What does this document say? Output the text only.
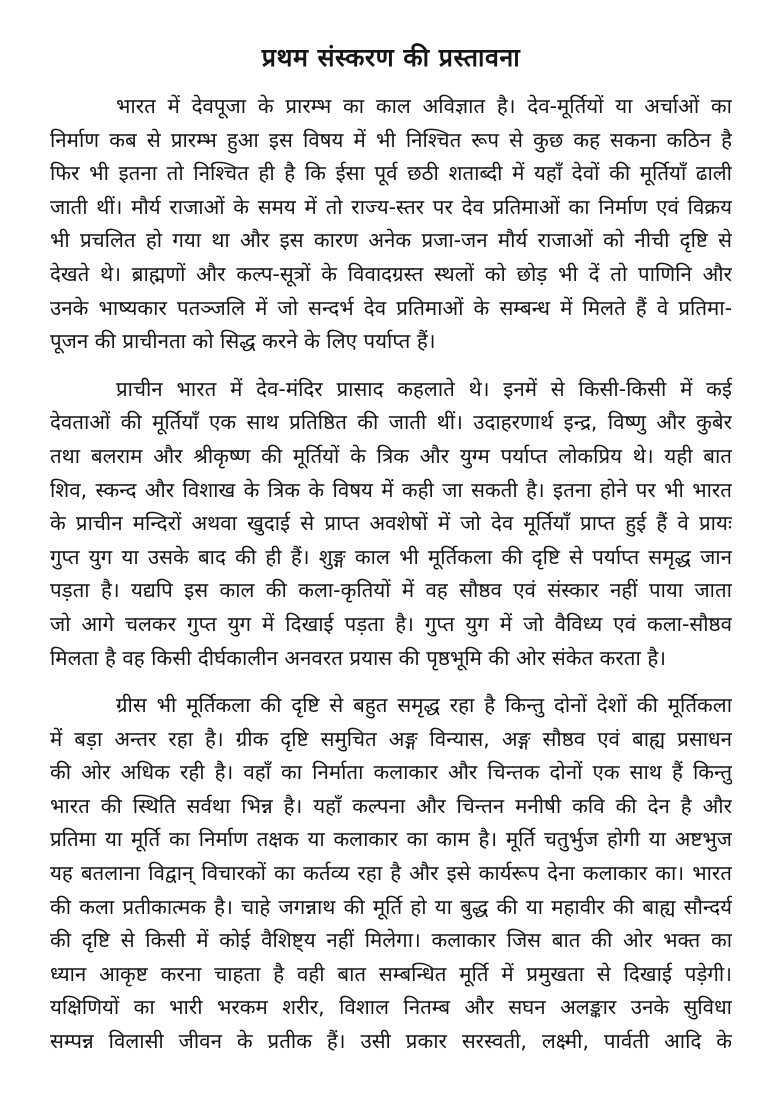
प्रथम संस्करण की प्रस्तावना
भारत में देवपूजा के प्रारम्भ का काल अविज्ञात है। देव-मूर्तियों या अर्चाओं का
निर्माण कब से प्रारम्भ हुआ इस विषय में भी निश्चित रूप से कुछ कह सकना कठिन है
फिर भी इतना तो निश्चित ही है कि ईसा पूर्व छठी शताब्दी में यहाँ देवों की मूर्तियाँ ढाली
जाती थीं। मौर्य राजाओं के समय में तो राज्य-स्तर पर देव प्रतिमाओं का निर्माण एवं विक्रय
भी प्रचलित हो गया था और इस कारण अनेक प्रजा-जन मौर्य राजाओं को नीची दृष्टि से
देखते थे। ब्राह्मणों और कल्प-सूत्रों के विवादग्रस्त स्थलों को छोड़ भी दें तो पाणिनि और
उनके भाष्यकार पतञ्जलि में जो सन्दर्भ देव प्रतिमाओं के सम्बन्ध में मिलते हैं वे प्रतिमा-
पूजन की प्राचीनता को सिद्ध करने के लिए पर्याप्त हैं।
प्राचीन भारत में देव-मंदिर प्रासाद कहलाते थे। इनमें से किसी-किसी में कई
देवताओं की मूर्तियाँ एक साथ प्रतिष्ठित की जाती थीं। उदाहरणार्थ इन्द्र, विष्णु और कुबेर
तथा बलराम और श्रीकृष्ण की मूर्तियों के त्रिक और युग्म पर्याप्त लोकप्रिय थे। यही बात
शिव, स्कन्द और विशाख के त्रिक के विषय में कही जा सकती है। इतना होने पर भी भारत
के प्राचीन मन्दिरों अथवा खुदाई से प्राप्त अवशेषों में जो देव मूर्तियाँ प्राप्त हुई हैं वे प्रायः
गुप्त युग या उसके बाद की ही हैं। शुङ्ग काल भी मूर्तिकला की दृष्टि से पर्याप्त समृद्ध जान
पड़ता है। यद्यपि इस काल की कला-कृतियों में वह सौष्ठव एवं संस्कार नहीं पाया जाता
जो आगे चलकर गुप्त युग में दिखाई पड़ता है। गुप्त युग में जो वैविध्य एवं कला-सौष्ठव
मिलता है वह किसी दीर्घकालीन अनवरत प्रयास की पृष्ठभूमि की ओर संकेत करता है।
ग्रीस भी मूर्तिकला की दृष्टि से बहुत समृद्ध रहा है किन्तु दोनों देशों की मूर्तिकला
में बड़ा अन्तर रहा है। ग्रीक दृष्टि समुचित अङ्ग विन्यास, अङ्ग सौष्ठव एवं बाह्य प्रसाधन
की ओर अधिक रही है। वहाँ का निर्माता कलाकार और चिन्तक दोनों एक साथ हैं किन्तु
भारत की स्थिति सर्वथा भिन्न है। यहाँ कल्पना और चिन्तन मनीषी कवि की देन है और
प्रतिमा या मूर्ति का निर्माण तक्षक या कलाकार का काम है। मूर्ति चतुर्भुज होगी या अष्टभुज
यह बतलाना विद्वान् विचारकों का कर्तव्य रहा है और इसे कार्यरूप देना कलाकार का। भारत
की कला प्रतीकात्मक है। चाहे जगन्नाथ की मूर्ति हो या बुद्ध की या महावीर की बाह्य सौन्दर्य
की दृष्टि से किसी में कोई वैशिष्ट्य नहीं मिलेगा। कलाकार जिस बात की ओर भक्त का
ध्यान आकृष्ट करना चाहता है वही बात सम्बन्धित मूर्ति में प्रमुखता से दिखाई पड़ेगी।
यक्षिणियों का भारी भरकम शरीर, विशाल नितम्ब और सघन अलङ्कार उनके सुविधा
सम्पन्न विलासी जीवन के प्रतीक हैं। उसी प्रकार सरस्वती, लक्ष्मी, पार्वती आदि के
